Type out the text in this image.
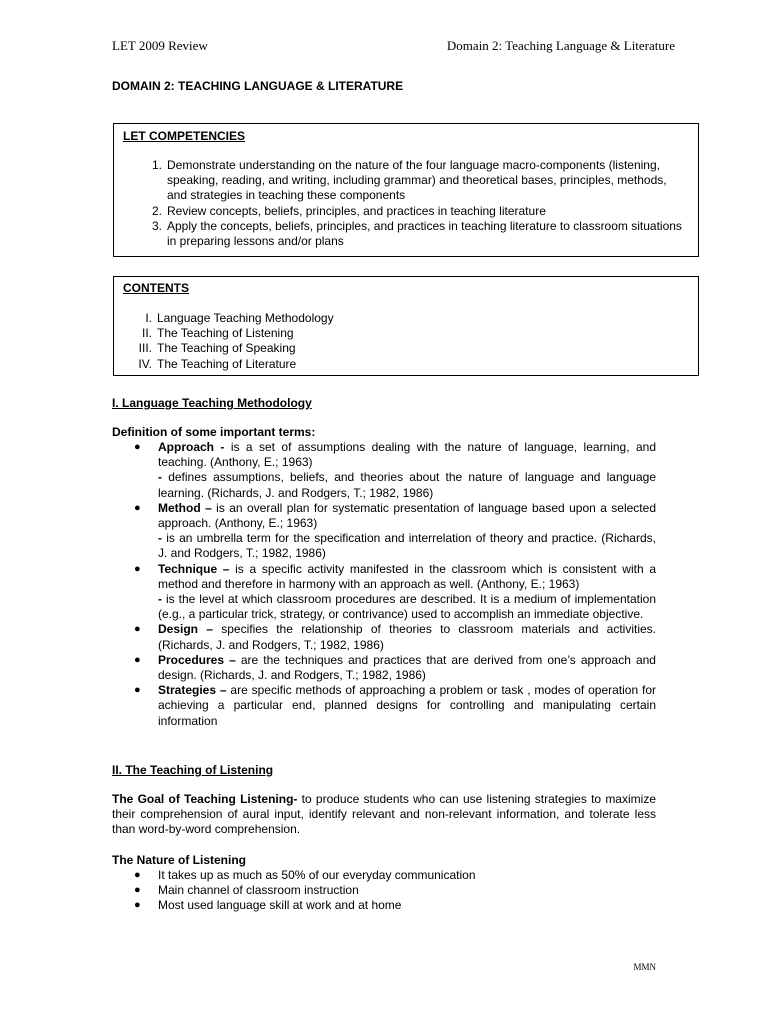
LET 2009 Review	Domain 2: Teaching Language & Literature
DOMAIN 2: TEACHING LANGUAGE & LITERATURE
LET COMPETENCIES
1. Demonstrate understanding on the nature of the four language macro-components (listening, speaking, reading, and writing, including grammar) and theoretical bases, principles, methods, and strategies in teaching these components
2. Review concepts, beliefs, principles, and practices in teaching literature
3. Apply the concepts, beliefs, principles, and practices in teaching literature to classroom situations in preparing lessons and/or plans
CONTENTS
I. Language Teaching Methodology
II. The Teaching of Listening
III. The Teaching of Speaking
IV. The Teaching of Literature
I. Language Teaching Methodology
Definition of some important terms:
● Approach - is a set of assumptions dealing with the nature of language, learning, and teaching. (Anthony, E.; 1963)
- defines assumptions, beliefs, and theories about the nature of language and language learning. (Richards, J. and Rodgers, T.; 1982, 1986)
● Method – is an overall plan for systematic presentation of language based upon a selected approach. (Anthony, E.; 1963)
- is an umbrella term for the specification and interrelation of theory and practice. (Richards, J. and Rodgers, T.; 1982, 1986)
● Technique – is a specific activity manifested in the classroom which is consistent with a method and therefore in harmony with an approach as well. (Anthony, E.; 1963)
- is the level at which classroom procedures are described. It is a medium of implementation (e.g., a particular trick, strategy, or contrivance) used to accomplish an immediate objective.
● Design – specifies the relationship of theories to classroom materials and activities. (Richards, J. and Rodgers, T.; 1982, 1986)
● Procedures – are the techniques and practices that are derived from one’s approach and design. (Richards, J. and Rodgers, T.; 1982, 1986)
● Strategies – are specific methods of approaching a problem or task , modes of operation for achieving a particular end, planned designs for controlling and manipulating certain information
II. The Teaching of Listening

The Goal of Teaching Listening- to produce students who can use listening strategies to maximize their comprehension of aural input, identify relevant and non-relevant information, and tolerate less than word-by-word comprehension.

The Nature of Listening
● It takes up as much as 50% of our everyday communication
● Main channel of classroom instruction
● Most used language skill at work and at home
MMN
